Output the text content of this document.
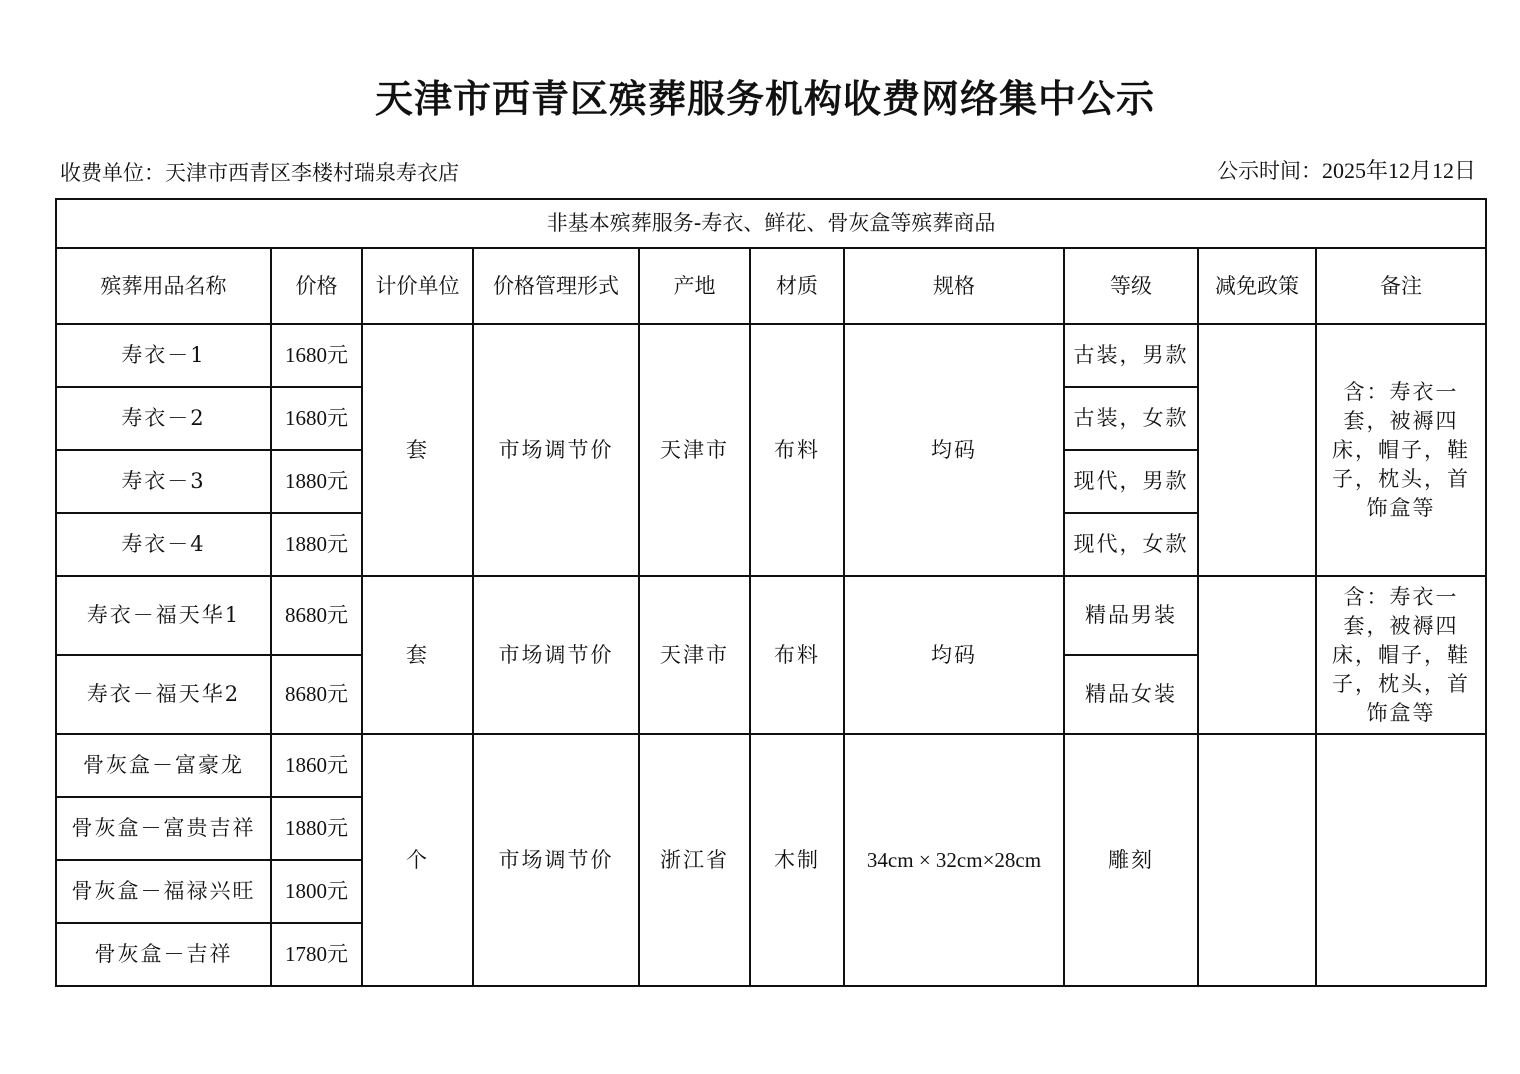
天津市西青区殡葬服务机构收费网络集中公示
收费单位：天津市西青区李楼村瑞泉寿衣店	公示时间：2025年12月12日
非基本殡葬服务-寿衣、鲜花、骨灰盒等殡葬商品									
殡葬用品名称	价格	计价单位	价格管理形式	产地	材质	规格	等级	减免政策	备注
寿衣－1	1680元	套	市场调节价	天津市	布料	均码	古装，男款		含：寿衣一套，被褥四床，帽子，鞋子，枕头，首饰盒等
寿衣－2	1680元						古装，女款		
寿衣－3	1880元						现代，男款		
寿衣－4	1880元						现代，女款		
寿衣－福天华1	8680元	套	市场调节价	天津市	布料	均码	精品男装		含：寿衣一套，被褥四床，帽子，鞋子，枕头，首饰盒等
寿衣－福天华2	8680元						精品女装		
骨灰盒－富豪龙	1860元	个	市场调节价	浙江省	木制	34cm × 32cm×28cm	雕刻		
骨灰盒－富贵吉祥	1880元								
骨灰盒－福禄兴旺	1800元								
骨灰盒－吉祥	1780元								
